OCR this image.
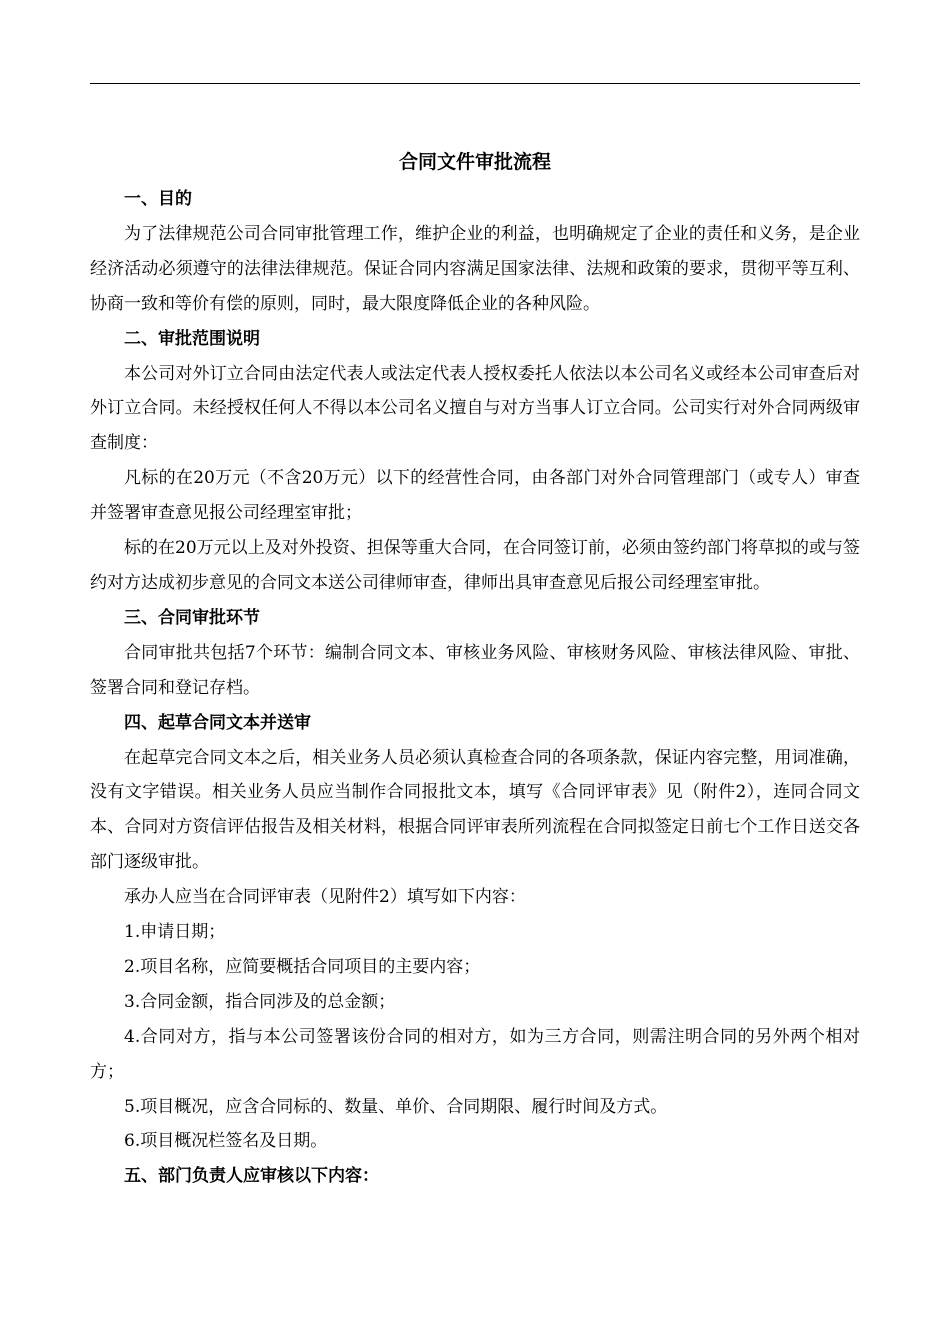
合同文件审批流程

一、目的

为了法律规范公司合同审批管理工作，维护企业的利益，也明确规定了企业的责任和义务，是企业经济活动必须遵守的法律法律规范。保证合同内容满足国家法律、法规和政策的要求，贯彻平等互利、协商一致和等价有偿的原则，同时，最大限度降低企业的各种风险。

二、审批范围说明

本公司对外订立合同由法定代表人或法定代表人授权委托人依法以本公司名义或经本公司审查后对外订立合同。未经授权任何人不得以本公司名义擅自与对方当事人订立合同。公司实行对外合同两级审查制度：

凡标的在20万元（不含20万元）以下的经营性合同，由各部门对外合同管理部门（或专人）审查并签署审查意见报公司经理室审批；

标的在20万元以上及对外投资、担保等重大合同，在合同签订前，必须由签约部门将草拟的或与签约对方达成初步意见的合同文本送公司律师审查，律师出具审查意见后报公司经理室审批。

三、合同审批环节

合同审批共包括7个环节：编制合同文本、审核业务风险、审核财务风险、审核法律风险、审批、签署合同和登记存档。

四、起草合同文本并送审

在起草完合同文本之后，相关业务人员必须认真检查合同的各项条款，保证内容完整，用词准确，没有文字错误。相关业务人员应当制作合同报批文本，填写《合同评审表》见（附件2），连同合同文本、合同对方资信评估报告及相关材料，根据合同评审表所列流程在合同拟签定日前七个工作日送交各部门逐级审批。

承办人应当在合同评审表（见附件2）填写如下内容：

1.申请日期；

2.项目名称，应简要概括合同项目的主要内容；

3.合同金额，指合同涉及的总金额；

4.合同对方，指与本公司签署该份合同的相对方，如为三方合同，则需注明合同的另外两个相对方；

5.项目概况，应含合同标的、数量、单价、合同期限、履行时间及方式。

6.项目概况栏签名及日期。

五、部门负责人应审核以下内容：
